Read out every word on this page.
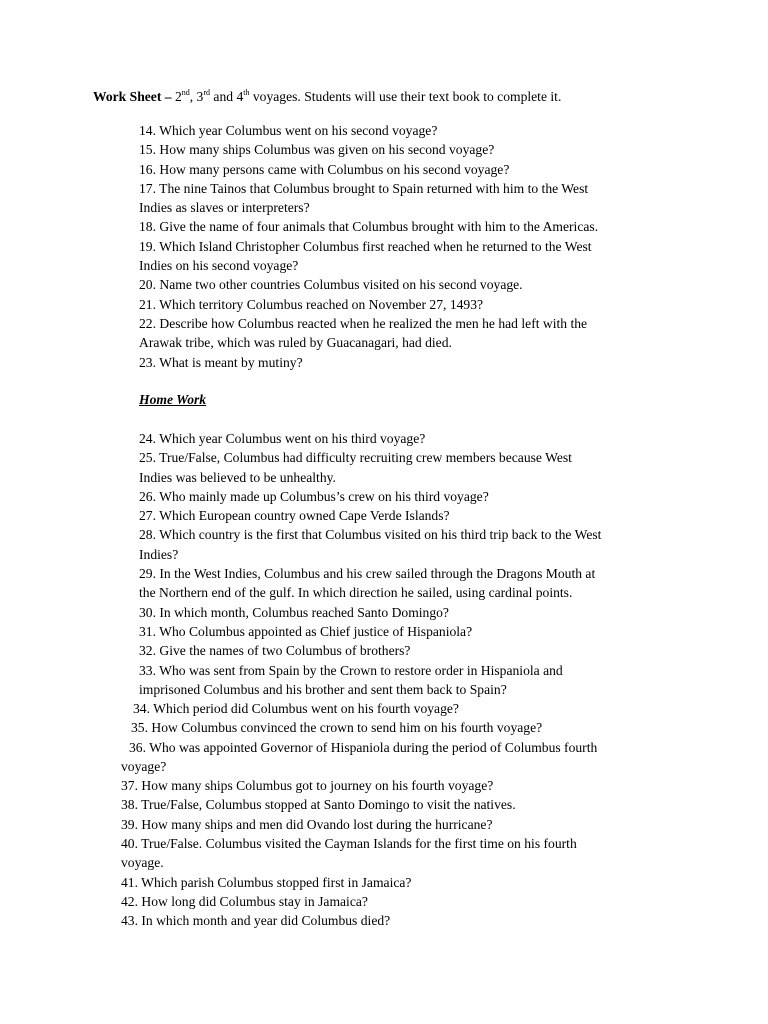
Work Sheet – 2nd, 3rd and 4th voyages. Students will use their text book to complete it.
14. Which year Columbus went on his second voyage?
15. How many ships Columbus was given on his second voyage?
16. How many persons came with Columbus on his second voyage?
17. The nine Tainos that Columbus brought to Spain returned with him to the West
Indies as slaves or interpreters?
18. Give the name of four animals that Columbus brought with him to the Americas.
19. Which Island Christopher Columbus first reached when he returned to the West
Indies on his second voyage?
20. Name two other countries Columbus visited on his second voyage.
21. Which territory Columbus reached on November 27, 1493?
22. Describe how Columbus reacted when he realized the men he had left with the
Arawak tribe, which was ruled by Guacanagari, had died.
23. What is meant by mutiny?
Home Work
24. Which year Columbus went on his third voyage?
25. True/False, Columbus had difficulty recruiting crew members because West
Indies was believed to be unhealthy.
26. Who mainly made up Columbus’s crew on his third voyage?
27. Which European country owned Cape Verde Islands?
28. Which country is the first that Columbus visited on his third trip back to the West
Indies?
29. In the West Indies, Columbus and his crew sailed through the Dragons Mouth at
the Northern end of the gulf. In which direction he sailed, using cardinal points.
30. In which month, Columbus reached Santo Domingo?
31. Who Columbus appointed as Chief justice of Hispaniola?
32. Give the names of two Columbus of brothers?
33. Who was sent from Spain by the Crown to restore order in Hispaniola and
imprisoned Columbus and his brother and sent them back to Spain?
34. Which period did Columbus went on his fourth voyage?
35. How Columbus convinced the crown to send him on his fourth voyage?
36. Who was appointed Governor of Hispaniola during the period of Columbus fourth
voyage?
37. How many ships Columbus got to journey on his fourth voyage?
38. True/False, Columbus stopped at Santo Domingo to visit the natives.
39. How many ships and men did Ovando lost during the hurricane?
40. True/False. Columbus visited the Cayman Islands for the first time on his fourth
voyage.
41. Which parish Columbus stopped first in Jamaica?
42. How long did Columbus stay in Jamaica?
43. In which month and year did Columbus died?
